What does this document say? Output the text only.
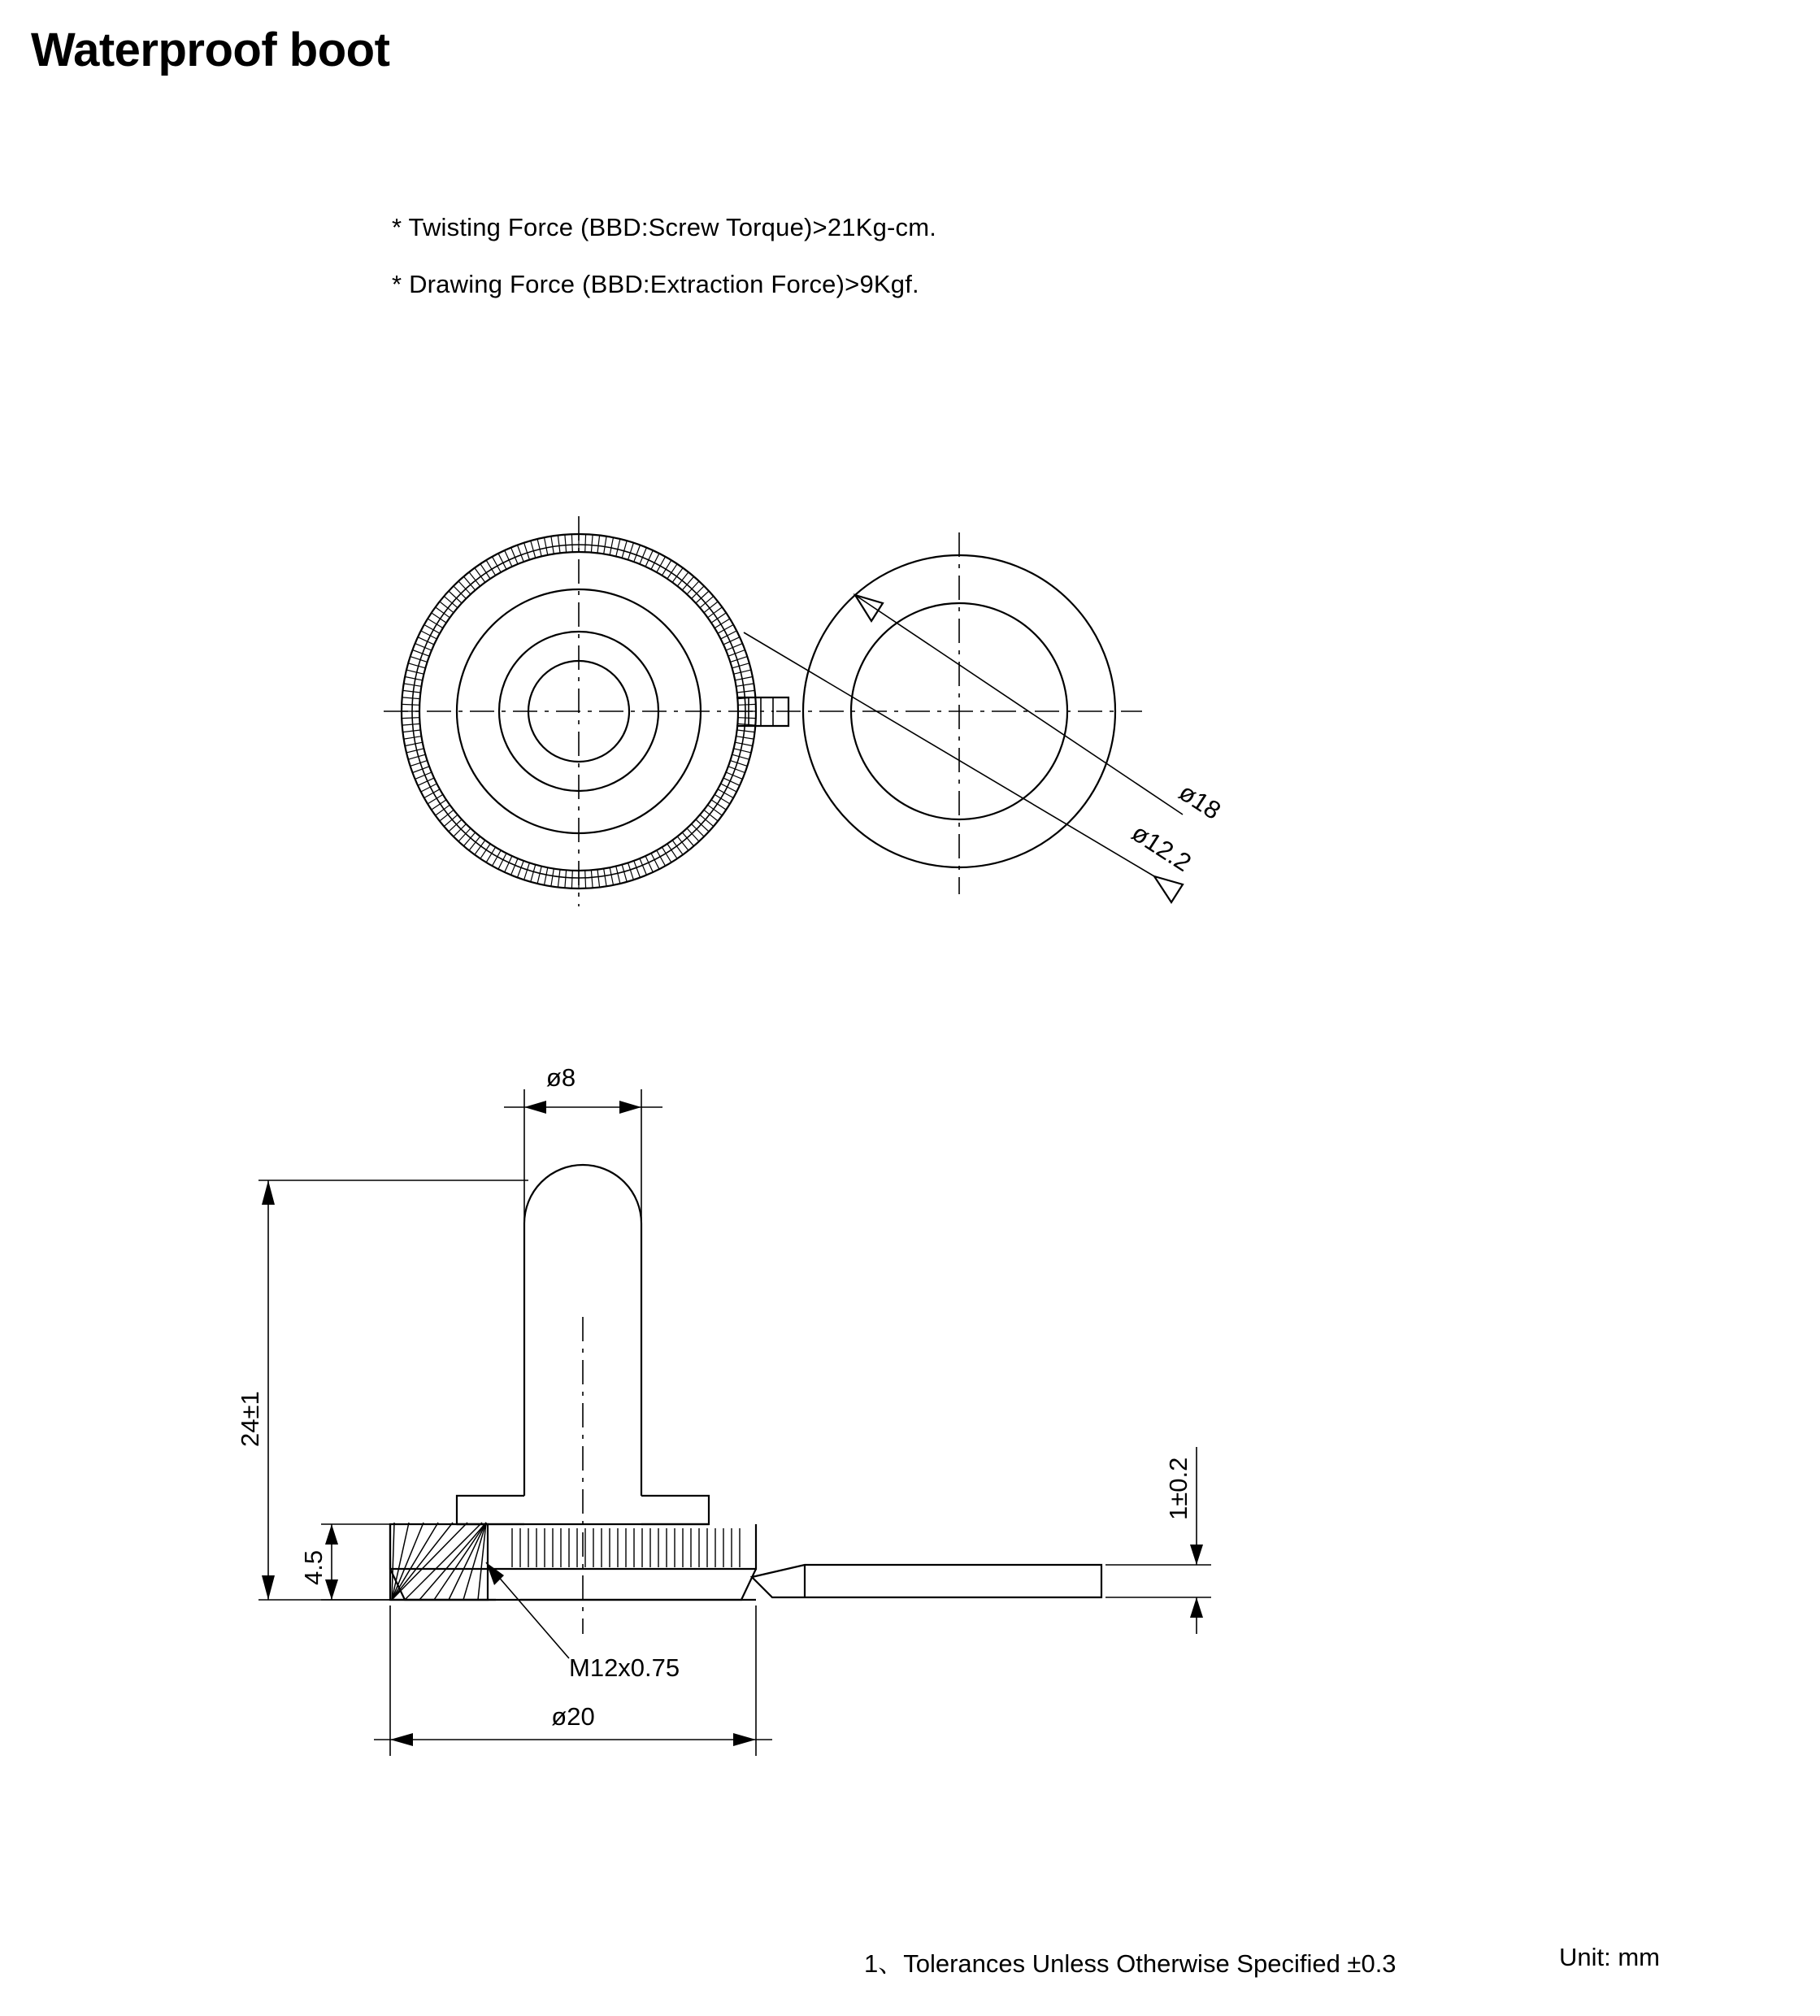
Waterproof boot
* Twisting Force (BBD:Screw Torque)>21Kg-cm.
* Drawing Force (BBD:Extraction Force)>9Kgf.
ø18
ø12.2
ø8
24±1
4.5
1±0.2
M12x0.75
ø20
1、Tolerances Unless Otherwise Specified ±0.3	Unit: mm
